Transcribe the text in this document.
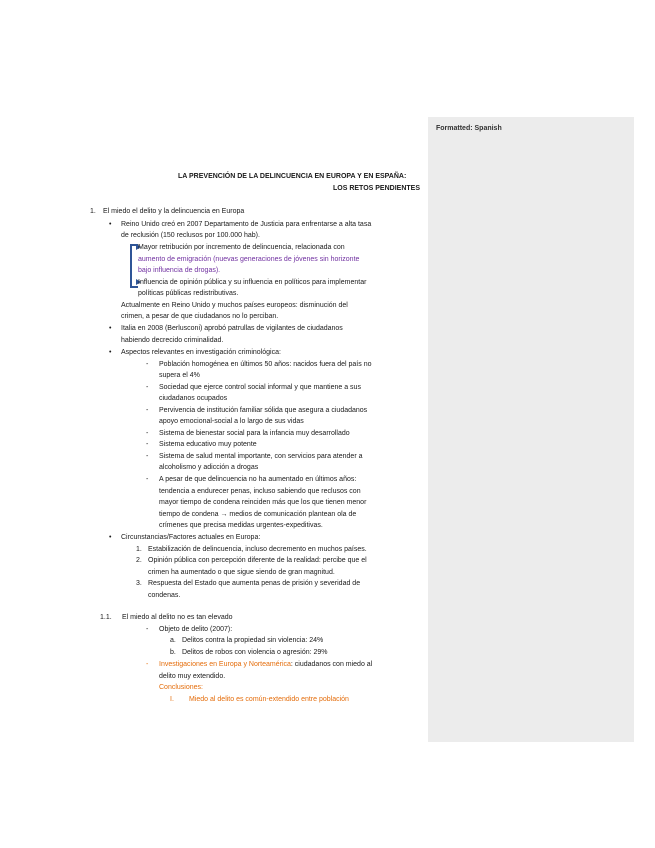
Formatted: Spanish
LA PREVENCIÓN DE LA DELINCUENCIA EN EUROPA Y EN ESPAÑA:
LOS RETOS PENDIENTES
1. El miedo el delito y la delincuencia en Europa
• Reino Unido creó en 2007 Departamento de Justicia para enfrentarse a alta tasa
de reclusión (150 reclusos por 100.000 hab).
Mayor retribución por incremento de delincuencia, relacionada con
aumento de emigración (nuevas generaciones de jóvenes sin horizonte
bajo influencia de drogas).
Influencia de opinión pública y su influencia en políticos para implementar
políticas públicas redistributivas.
Actualmente en Reino Unido y muchos países europeos: disminución del
crimen, a pesar de que ciudadanos no lo perciban.
• Italia en 2008 (Berlusconi) aprobó patrullas de vigilantes de ciudadanos
habiendo decrecido criminalidad.
• Aspectos relevantes en investigación criminológica:
- Población homogénea en últimos 50 años: nacidos fuera del país no
supera el 4%
- Sociedad que ejerce control social informal y que mantiene a sus
ciudadanos ocupados
- Pervivencia de institución familiar sólida que asegura a ciudadanos
apoyo emocional-social a lo largo de sus vidas
- Sistema de bienestar social para la infancia muy desarrollado
- Sistema educativo muy potente
- Sistema de salud mental importante, con servicios para atender a
alcoholismo y adicción a drogas
- A pesar de que delincuencia no ha aumentado en últimos años:
tendencia a endurecer penas, incluso sabiendo que reclusos con
mayor tiempo de condena reinciden más que los que tienen menor
tiempo de condena → medios de comunicación plantean ola de
crímenes que precisa medidas urgentes-expeditivas.
• Circunstancias/Factores actuales en Europa:
1. Estabilización de delincuencia, incluso decremento en muchos países.
2. Opinión pública con percepción diferente de la realidad: percibe que el
crimen ha aumentado o que sigue siendo de gran magnitud.
3. Respuesta del Estado que aumenta penas de prisión y severidad de
condenas.
1.1. El miedo al delito no es tan elevado
- Objeto de delito (2007):
a. Delitos contra la propiedad sin violencia: 24%
b. Delitos de robos con violencia o agresión: 29%
- Investigaciones en Europa y Norteamérica: ciudadanos con miedo al
delito muy extendido.
Conclusiones:
I. Miedo al delito es común-extendido entre población
